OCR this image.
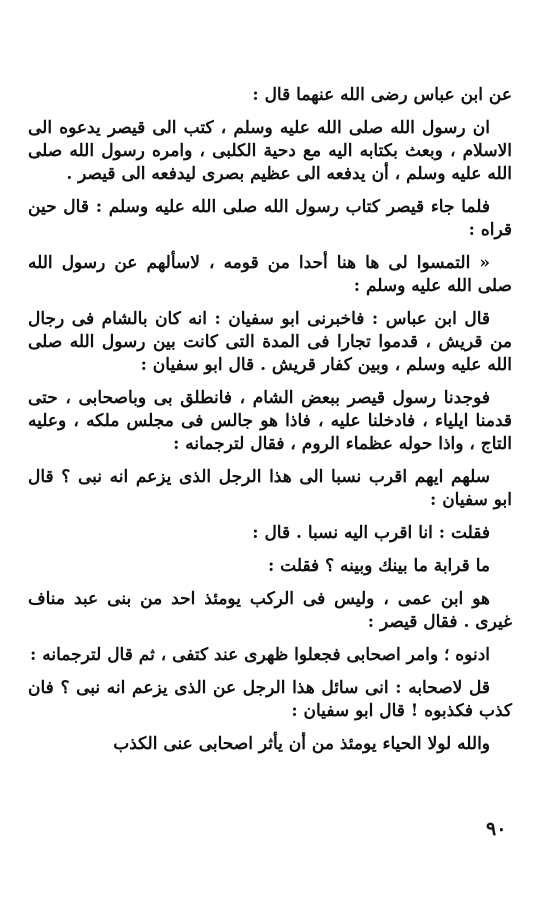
عن ابن عباس رضى الله عنهما قال :

ان رسول الله صلى الله عليه وسلم ، كتب الى قيصر يدعوه الى الاسلام ، وبعث بكتابه اليه مع دحية الكلبى ، وامره رسول الله صلى الله عليه وسلم ، أن يدفعه الى عظيم بصرى ليدفعه الى قيصر .

فلما جاء قيصر كتاب رسول الله صلى الله عليه وسلم : قال حين قراه :

« التمسوا لى ها هنا أحدا من قومه ، لاسألهم عن رسول الله صلى الله عليه وسلم :

قال ابن عباس : فاخبرنى ابو سفيان : انه كان بالشام فى رجال من قريش ، قدموا تجارا فى المدة التى كانت بين رسول الله صلى الله عليه وسلم ، وبين كفار قريش . قال ابو سفيان :

فوجدنا رسول قيصر ببعض الشام ، فانطلق بى وباصحابى ، حتى قدمنا ايلياء ، فادخلنا عليه ، فاذا هو جالس فى مجلس ملكه ، وعليه التاج ، واذا حوله عظماء الروم ، فقال لترجمانه :

سلهم ايهم اقرب نسبا الى هذا الرجل الذى يزعم انه نبى ؟ قال ابو سفيان :

فقلت : انا اقرب اليه نسبا . قال :

ما قرابة ما بينك وبينه ؟ فقلت :

هو ابن عمى ، وليس فى الركب يومئذ احد من بنى عبد مناف غيرى . فقال قيصر :

ادنوه ؛ وامر اصحابى فجعلوا ظهرى عند كتفى ، ثم قال لترجمانه :

قل لاصحابه : انى سائل هذا الرجل عن الذى يزعم انه نبى ؟ فان كذب فكذبوه ! قال ابو سفيان :

والله لولا الحياء يومئذ من أن يأثر اصحابى عنى الكذب

٩٠
